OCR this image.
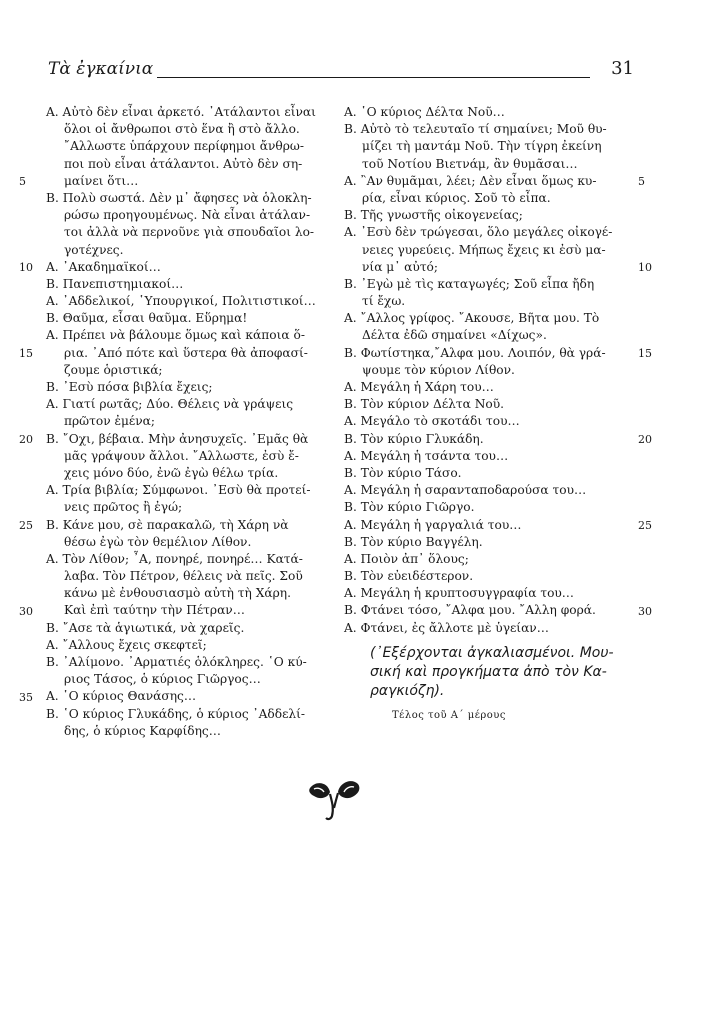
Τὰ ἐγκαίνια	31
5
10
15
20
25
30
35
A. Αὐτὸ δὲν εἶναι ἀρκετό. ᾿Ατάλαντοι εἶναι
ὅλοι οἱ ἄνθρωποι στὸ ἕνα ἢ στὸ ἄλλο.
῎Αλλωστε ὑπάρχουν περίφημοι ἄνθρω-
ποι ποὺ εἶναι ἀτάλαντοι. Αὐτὸ δὲν ση-
μαίνει ὅτι…
B. Πολὺ σωστά. Δὲν μ᾿ ἄφησες νὰ ὁλοκλη-
ρώσω προηγουμένως. Νὰ εἶναι ἀτάλαν-
τοι ἀλλὰ νὰ περνοῦνε γιὰ σπουδαῖοι λο-
γοτέχνες.
A. ᾿Ακαδημαϊκοί…
B. Πανεπιστημιακοί…
A. ᾿Αδδελικοί, ῾Υπουργικοί, Πολιτιστικοί…
B. Θαῦμα, εἶσαι θαῦμα. Εὕρημα!
A. Πρέπει νὰ βάλουμε ὅμως καὶ κάποια ὅ-
ρια. ᾿Από πότε καὶ ὕστερα θὰ ἀποφασί-
ζουμε ὁριστικά;
B. ᾿Εσὺ πόσα βιβλία ἔχεις;
A. Γιατί ρωτᾶς; Δύο. Θέλεις νὰ γράψεις
πρῶτον ἐμένα;
B. ῎Οχι, βέβαια. Μὴν ἀνησυχεῖς. ᾿Εμᾶς θὰ
μᾶς γράψουν ἄλλοι. ῎Αλλωστε, ἐσὺ ἔ-
χεις μόνο δύο, ἐνῶ ἐγὼ θέλω τρία.
A. Τρία βιβλία; Σύμφωνοι. ᾿Εσὺ θὰ προτεί-
νεις πρῶτος ἢ ἐγώ;
B. Κάνε μου, σὲ παρακαλῶ, τὴ Χάρη νὰ
θέσω ἐγὼ τὸν θεμέλιον Λίθον.
A. Τὸν Λίθον; ῏Α, πονηρέ, πονηρέ… Κατά-
λαβα. Τὸν Πέτρον, θέλεις νὰ πεῖς. Σοῦ
κάνω μὲ ἐνθουσιασμὸ αὐτὴ τὴ Χάρη.
Καὶ ἐπὶ ταύτην τὴν Πέτραν…
B. ῎Ασε τὰ ἁγιωτικά, νὰ χαρεῖς.
A. ῎Αλλους ἔχεις σκεφτεῖ;
B. ᾿Αλίμονο. ᾿Αρματιές ὁλόκληρες. ῾Ο κύ-
ριος Τάσος, ὁ κύριος Γιῶργος…
A. ῾Ο κύριος Θανάσης…
B. ῾Ο κύριος Γλυκάδης, ὁ κύριος ᾿Αδδελί-
δης, ὁ κύριος Καρφίδης…
A. ῾Ο κύριος Δέλτα Νοῦ…
B. Αὐτὸ τὸ τελευταῖο τί σημαίνει; Μοῦ θυ-
μίζει τὴ μαντάμ Νοῦ. Τὴν τίγρη ἐκείνη
τοῦ Νοτίου Βιετνάμ, ἂν θυμᾶσαι…
A. ῍Αν θυμᾶμαι, λέει; Δὲν εἶναι ὅμως κυ-
ρία, εἶναι κύριος. Σοῦ τὸ εἶπα.
B. Τῆς γνωστῆς οἰκογενείας;
A. ᾿Εσὺ δὲν τρώγεσαι, ὅλο μεγάλες οἰκογέ-
νειες γυρεύεις. Μήπως ἔχεις κι ἐσὺ μα-
νία μ᾿ αὐτό;
B. ᾿Εγὼ μὲ τὶς καταγωγές; Σοῦ εἶπα ἤδη
τί ἔχω.
A. ῎Αλλος γρίφος. ῎Ακουσε, Βῆτα μου. Τὸ
Δέλτα ἐδῶ σημαίνει «Δίχως».
B. Φωτίστηκα,῎Αλφα μου. Λοιπόν, θὰ γρά-
ψουμε τὸν κύριον Λίθον.
A. Μεγάλη ἡ Χάρη του…
B. Τὸν κύριον Δέλτα Νοῦ.
A. Μεγάλο τὸ σκοτάδι του…
B. Τὸν κύριο Γλυκάδη.
A. Μεγάλη ἡ τσάντα του…
B. Τὸν κύριο Τάσο.
A. Μεγάλη ἡ σαρανταποδαρούσα του…
B. Τὸν κύριο Γιῶργο.
A. Μεγάλη ἡ γαργαλιά του…
B. Τὸν κύριο Βαγγέλη.
A. Ποιὸν ἀπ᾿ ὅλους;
B. Τὸν εὐειδέστερον.
A. Μεγάλη ἡ κρυπτοσυγγραφία του…
B. Φτάνει τόσο, ῎Αλφα μου. ῎Αλλη φορά.
A. Φτάνει, ἐς ἄλλοτε μὲ ὑγείαν…
5
10
15
20
25
30
(᾿Εξέρχονται ἀγκαλιασμένοι. Μου-
σική καὶ προγκήματα ἀπὸ τὸν Κα-
ραγκιόζη).
Τέλος τοῦ Α΄ μέρους
